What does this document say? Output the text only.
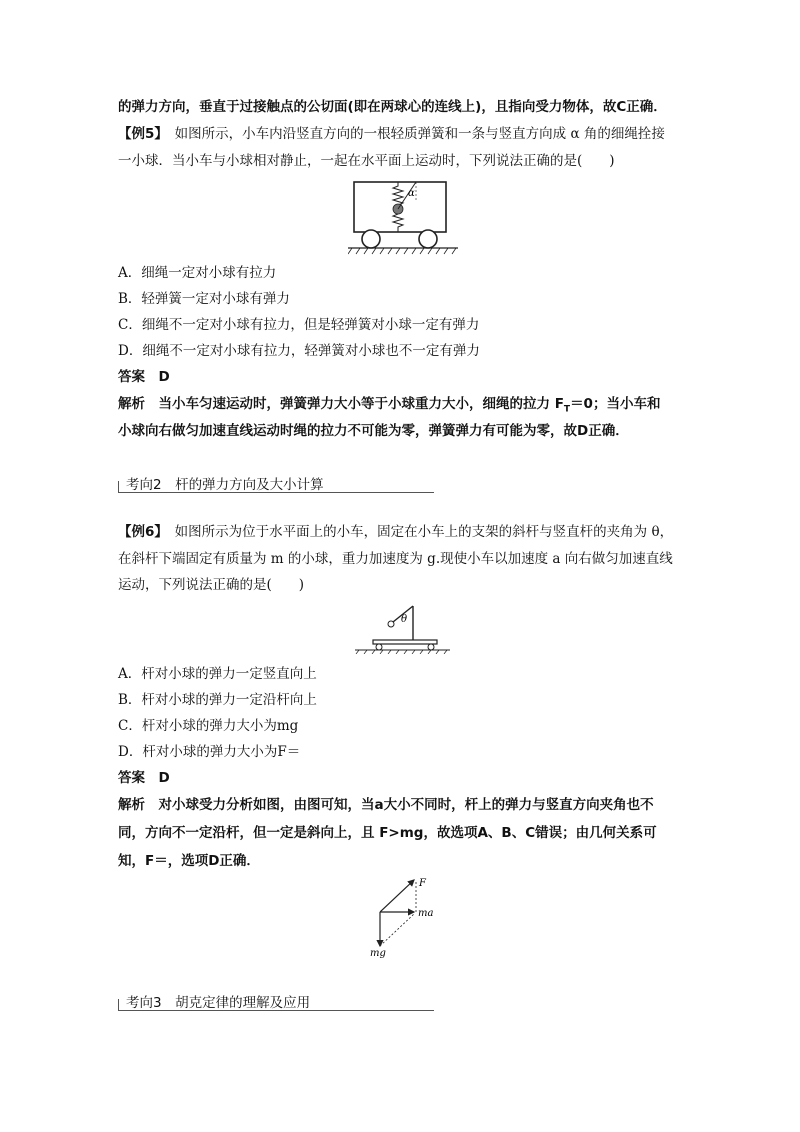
的弹力方向，垂直于过接触点的公切面(即在两球心的连线上)，且指向受力物体，故C正确．
【例5】　如图所示，小车内沿竖直方向的一根轻质弹簧和一条与竖直方向成 α 角的细绳拴接
一小球．当小车与小球相对静止，一起在水平面上运动时，下列说法正确的是(　　)
α
A．细绳一定对小球有拉力
B．轻弹簧一定对小球有弹力
C．细绳不一定对小球有拉力，但是轻弹簧对小球一定有弹力
D．细绳不一定对小球有拉力，轻弹簧对小球也不一定有弹力
答案　D
解析　当小车匀速运动时，弹簧弹力大小等于小球重力大小，细绳的拉力 $F_T=0$；当小车和
小球向右做匀加速直线运动时绳的拉力不可能为零，弹簧弹力有可能为零，故D正确．
考向2　杆的弹力方向及大小计算
【例6】　如图所示为位于水平面上的小车，固定在小车上的支架的斜杆与竖直杆的夹角为 θ，
在斜杆下端固定有质量为 m 的小球，重力加速度为 g.现使小车以加速度 a 向右做匀加速直线
运动，下列说法正确的是(　　)
θ
A．杆对小球的弹力一定竖直向上
B．杆对小球的弹力一定沿杆向上
C．杆对小球的弹力大小为mg
D．杆对小球的弹力大小为F＝
答案　D
解析　对小球受力分析如图，由图可知，当a大小不同时，杆上的弹力与竖直方向夹角也不
同，方向不一定沿杆，但一定是斜向上，且 F>mg，故选项A、B、C错误；由几何关系可
知，F＝，选项D正确．
F
ma
mg
考向3　胡克定律的理解及应用
